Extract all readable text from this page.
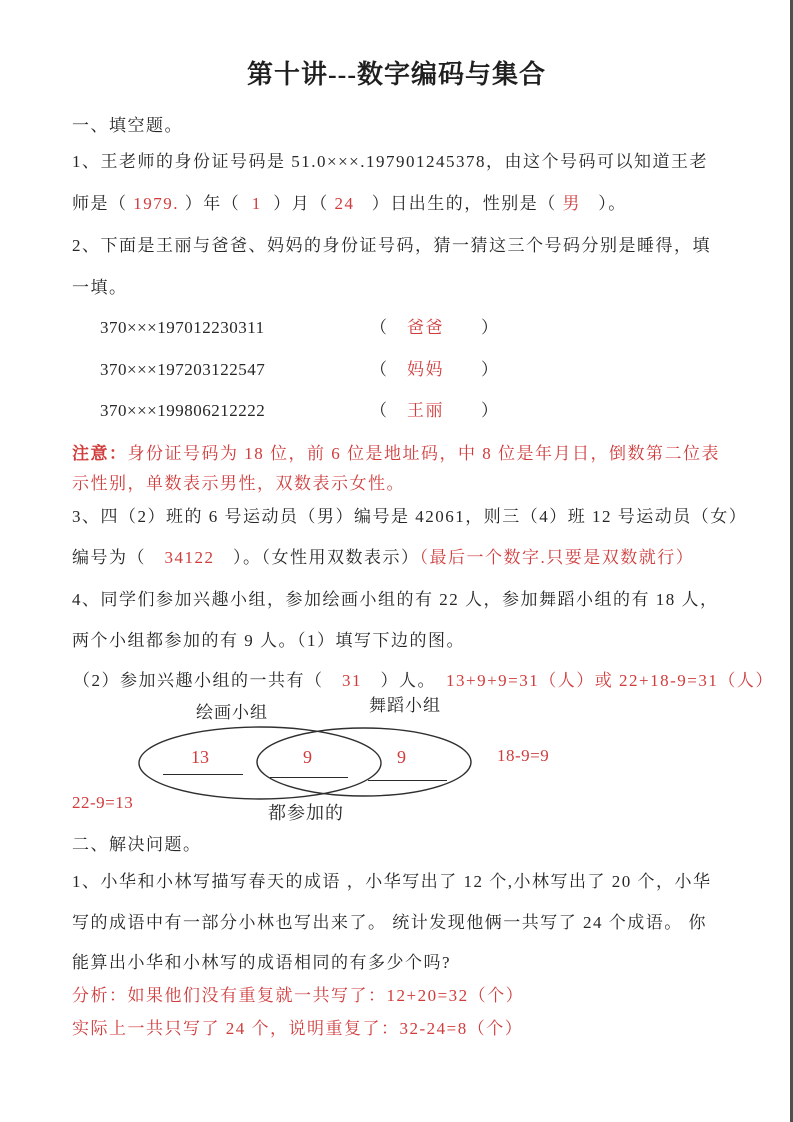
第十讲---数字编码与集合
一、填空题。
1、王老师的身份证号码是 51.0×××.197901245378，由这个号码可以知道王老
师是（ 1979. ）年（  1  ）月（ 24   ）日出生的，性别是（ 男   ）。
2、下面是王丽与爸爸、妈妈的身份证号码，猜一猜这三个号码分别是睡得，填
一填。
370×××197012230311	（　爸爸　　）
370×××197203122547	（　妈妈　　）
370×××199806212222	（　王丽　　）
注意：身份证号码为 18 位，前 6 位是地址码，中 8 位是年月日，倒数第二位表
示性别，单数表示男性，双数表示女性。
3、四（2）班的 6 号运动员（男）编号是 42061，则三（4）班 12 号运动员（女）
编号为（　34122　）。（女性用双数表示）（最后一个数字.只要是双数就行）
4、同学们参加兴趣小组，参加绘画小组的有 22 人，参加舞蹈小组的有 18 人，
两个小组都参加的有 9 人。（1）填写下边的图。
（2）参加兴趣小组的一共有（　31　）人。　13+9+9=31（人）或 22+18-9=31（人）
绘画小组	舞蹈小组
13	9	9	18-9=9
22-9=13
都参加的
二、解决问题。
1、小华和小林写描写春天的成语 ，小华写出了 12 个,小林写出了 20 个，小华
写的成语中有一部分小林也写出来了。 统计发现他俩一共写了 24 个成语。 你
能算出小华和小林写的成语相同的有多少个吗?
分析：如果他们没有重复就一共写了：12+20=32（个）
实际上一共只写了 24 个，说明重复了：32-24=8（个）
